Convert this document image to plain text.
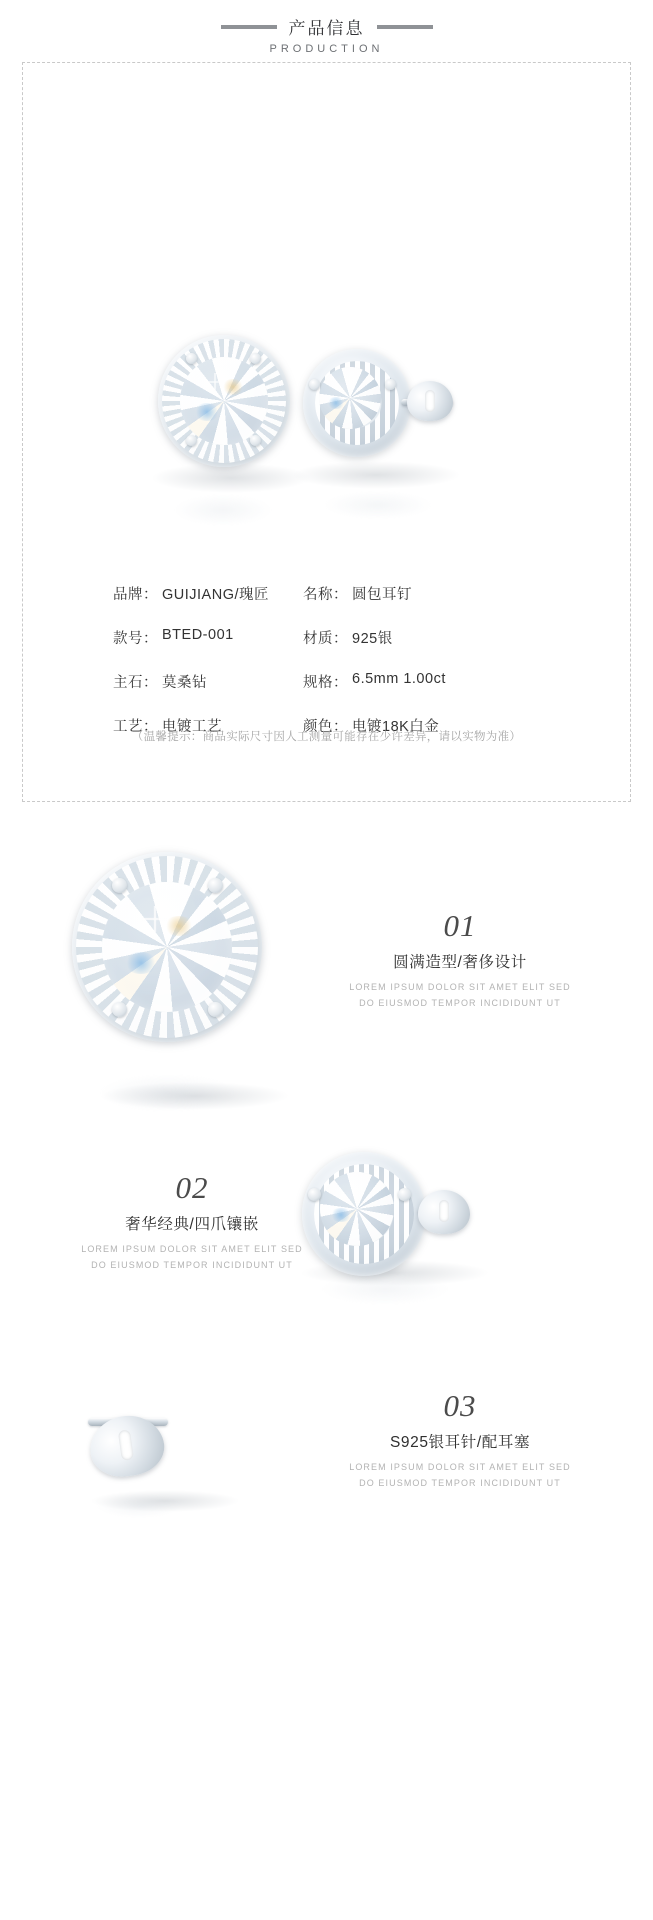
产品信息
PRODUCTION
品牌： GUIJIANG/瑰匠 名称： 圆包耳钉
款号： BTED-001	材质： 925银
主石： 莫桑钻	规格： 6.5mm 1.00ct
工艺： 电镀工艺	颜色： 电镀18K白金
（温馨提示：商品实际尺寸因人工测量可能存在少许差异，请以实物为准）
01
圆满造型/奢侈设计
LOREM IPSUM DOLOR SIT AMET ELIT SED
DO EIUSMOD TEMPOR INCIDIDUNT UT
02
奢华经典/四爪镶嵌
LOREM IPSUM DOLOR SIT AMET ELIT SED
DO EIUSMOD TEMPOR INCIDIDUNT UT
03
S925银耳针/配耳塞
LOREM IPSUM DOLOR SIT AMET ELIT SED
DO EIUSMOD TEMPOR INCIDIDUNT UT
